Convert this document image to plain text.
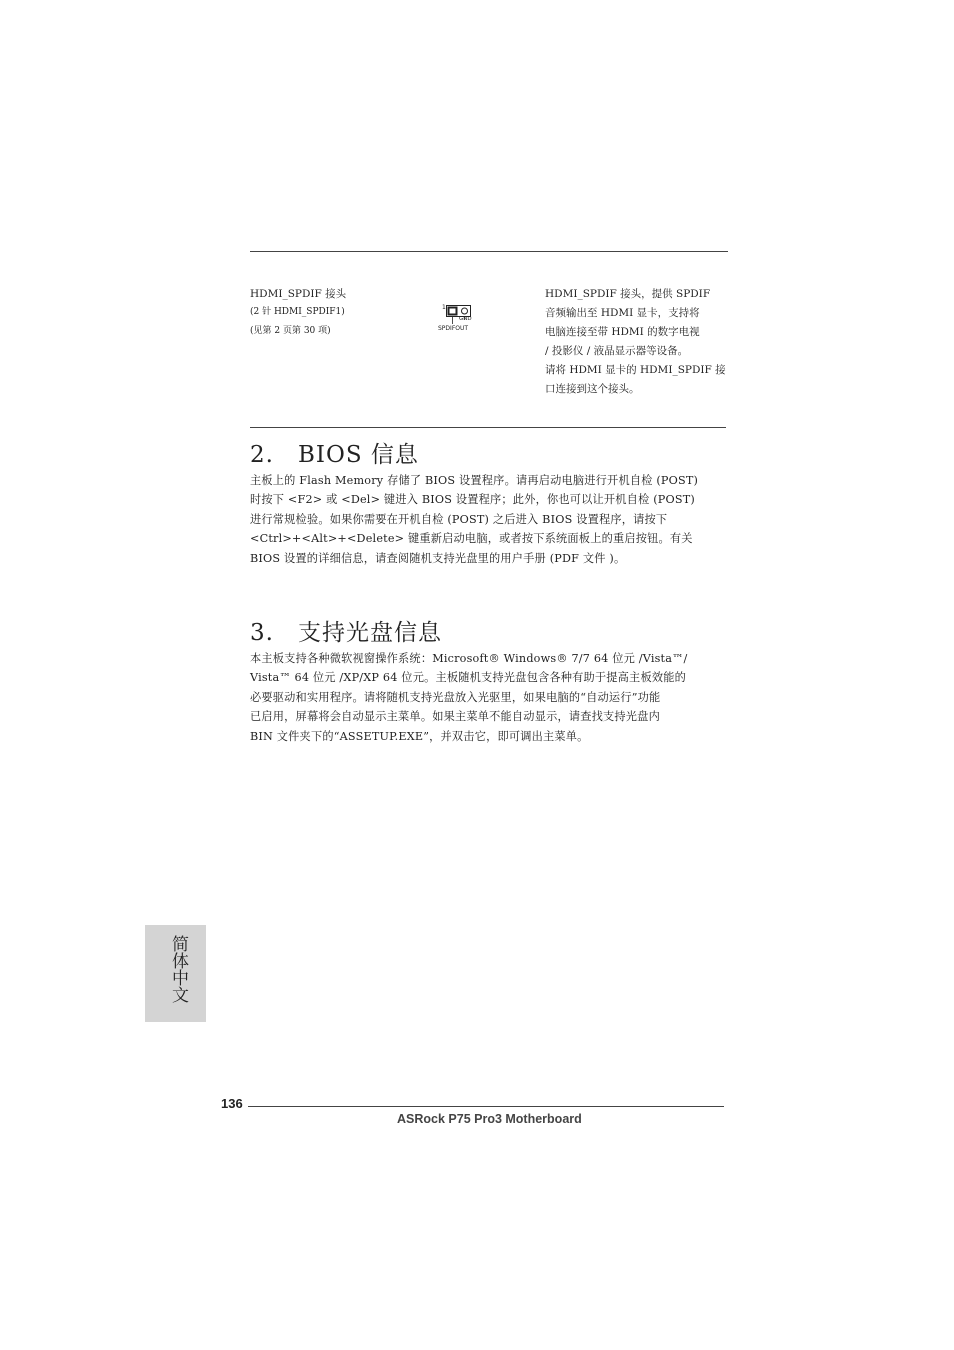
HDMI_SPDIF 接头
(2 针 HDMI_SPDIF1)
(见第 2 页第 30 项)
1
GND
SPDIFOUT
HDMI_SPDIF 接头，提供 SPDIF
音频输出至 HDMI 显卡，支持将
电脑连接至带 HDMI 的数字电视
/ 投影仪 / 液晶显示器等设备。
请将 HDMI 显卡的 HDMI_SPDIF 接
口连接到这个接头。
2. BIOS 信息

主板上的 Flash Memory 存储了 BIOS 设置程序。请再启动电脑进行开机自检 (POST)

时按下 <F2> 或 <Del> 键进入 BIOS 设置程序；此外，你也可以让开机自检 (POST)

进行常规检验。如果你需要在开机自检 (POST) 之后进入 BIOS 设置程序，请按下

<Ctrl>+<Alt>+<Delete> 键重新启动电脑，或者按下系统面板上的重启按钮。有关

BIOS 设置的详细信息，请查阅随机支持光盘里的用户手册 (PDF 文件 )。

3. 支持光盘信息

本主板支持各种微软视窗操作系统：Microsoft® Windows® 7/7 64 位元 /Vista™/

Vista™ 64 位元 /XP/XP 64 位元。主板随机支持光盘包含各种有助于提高主板效能的

必要驱动和实用程序。请将随机支持光盘放入光驱里，如果电脑的“自动运行”功能

已启用，屏幕将会自动显示主菜单。如果主菜单不能自动显示，请查找支持光盘内

BIN 文件夹下的“ASSETUP.EXE”，并双击它，即可调出主菜单。

简体中文
136
ASRock P75 Pro3 Motherboard
